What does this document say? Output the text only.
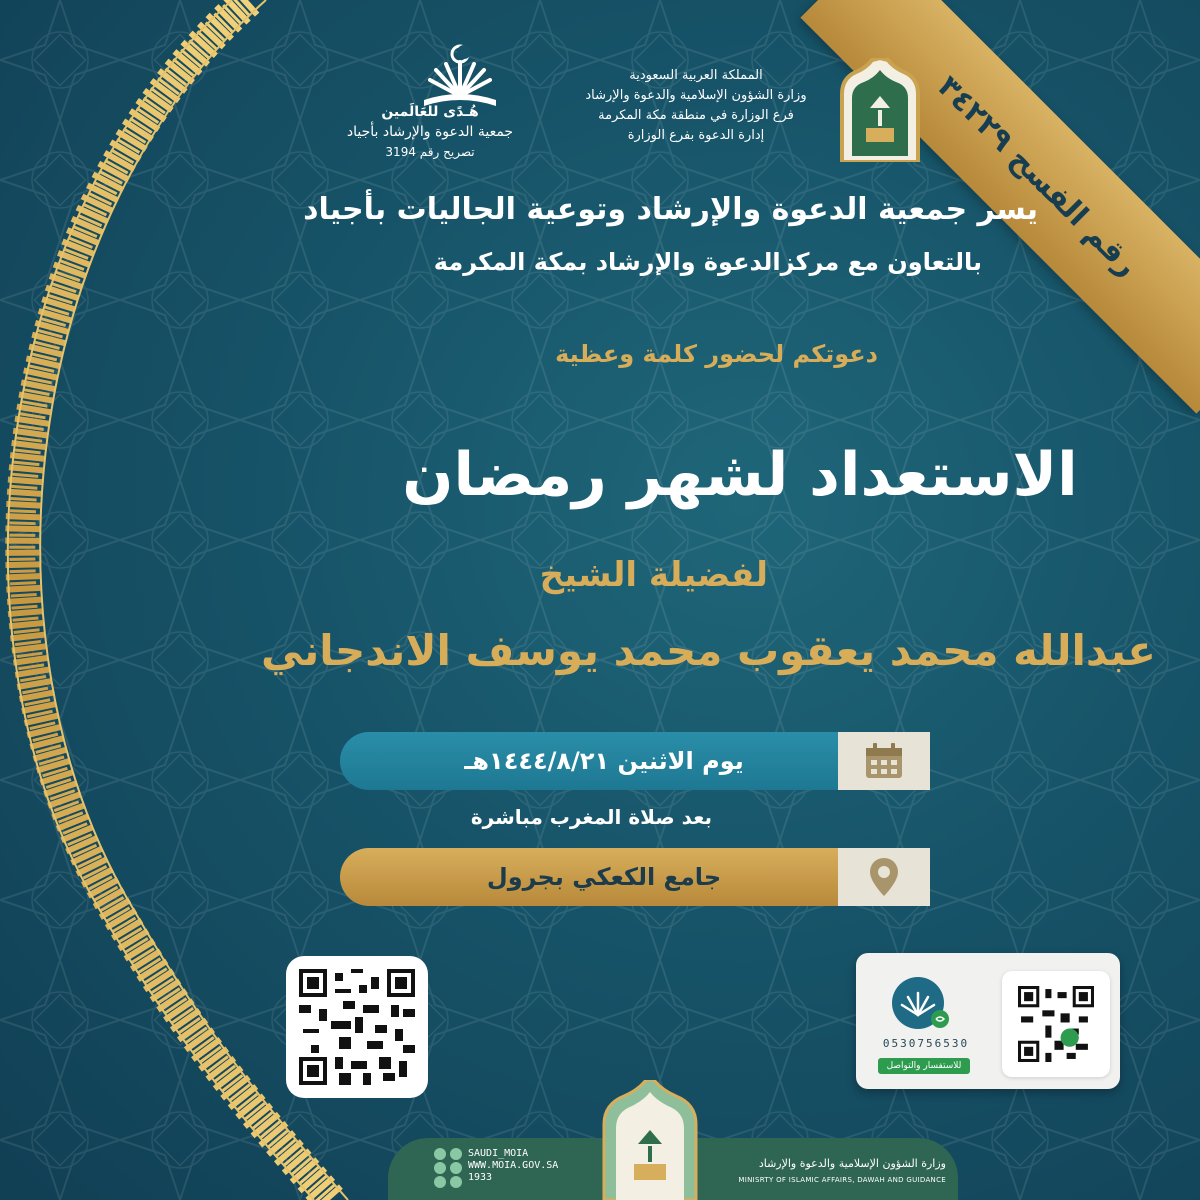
رقم الفسح ٣٤٢٢٩
المملكة العربية السعودية
وزارة الشؤون الإسلامية والدعوة والإرشاد
فرع الوزارة في منطقة مكة المكرمة
إدارة الدعوة بفرع الوزارة
هُـدًى للعَالَمين
جمعية الدعوة والإرشاد بأجياد
تصريح رقم 3194
يسر جمعية الدعوة والإرشاد وتوعية الجاليات بأجياد
بالتعاون مع مركزالدعوة والإرشاد بمكة المكرمة
دعوتكم لحضور كلمة وعظية
الاستعداد لشهر رمضان
لفضيلة الشيخ
عبدالله محمد يعقوب محمد يوسف الاندجاني
يوم الاثنين ١٤٤٤/٨/٢١هـ
بعد صلاة المغرب مباشرة
جامع الكعكي بجرول
0530756530
للاستفسار والتواصل
SAUDI_MOIA
WWW.MOIA.GOV.SA
1933
وزارة الشؤون الإسلامية والدعوة والإرشاد
MINISRTY OF ISLAMIC AFFAIRS, DAWAH AND GUIDANCE
